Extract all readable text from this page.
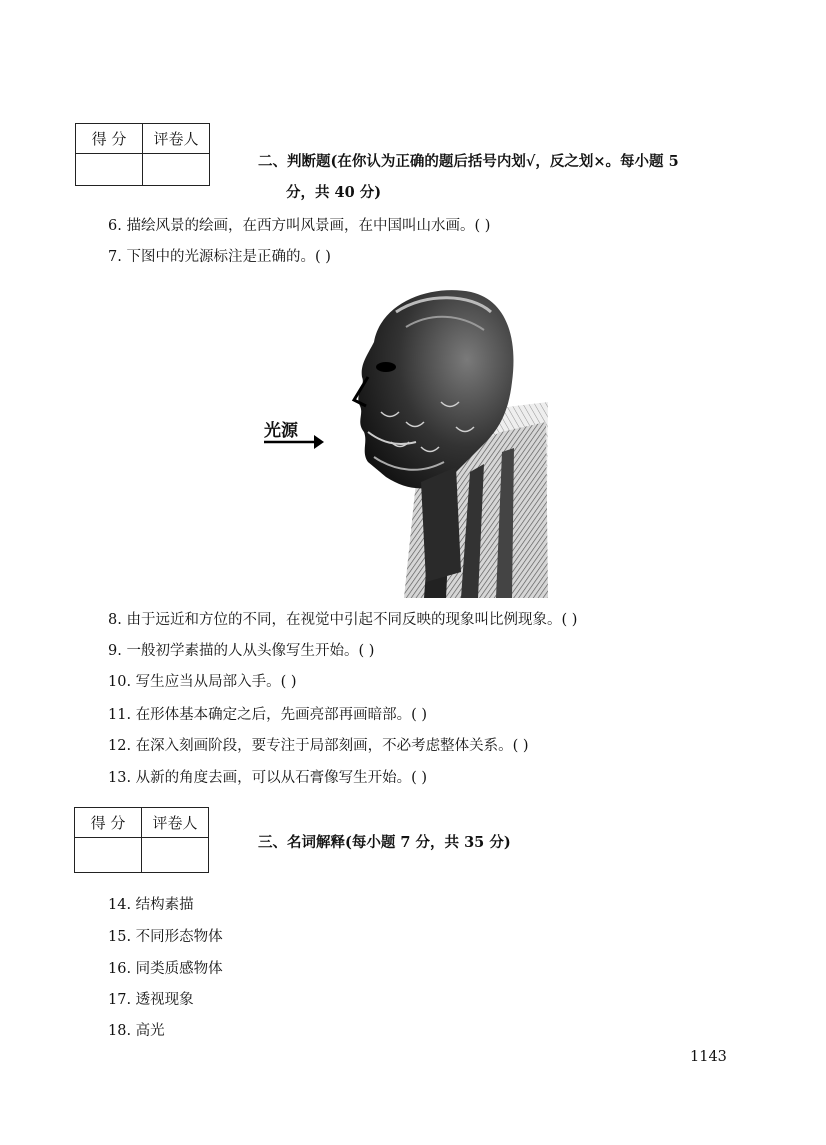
得 分	评卷人

二、判断题(在你认为正确的题后括号内划√，反之划×。每小题 5
分，共 40 分)
6. 描绘风景的绘画，在西方叫风景画，在中国叫山水画。( )
7. 下图中的光源标注是正确的。( )
光源
8. 由于远近和方位的不同，在视觉中引起不同反映的现象叫比例现象。( )
9. 一般初学素描的人从头像写生开始。( )
10. 写生应当从局部入手。( )
11. 在形体基本确定之后，先画亮部再画暗部。( )
12. 在深入刻画阶段，要专注于局部刻画，不必考虑整体关系。( )
13. 从新的角度去画，可以从石膏像写生开始。( )
得 分	评卷人

三、名词解释(每小题 7 分，共 35 分)
14. 结构素描
15. 不同形态物体
16. 同类质感物体
17. 透视现象
18. 高光
1143
